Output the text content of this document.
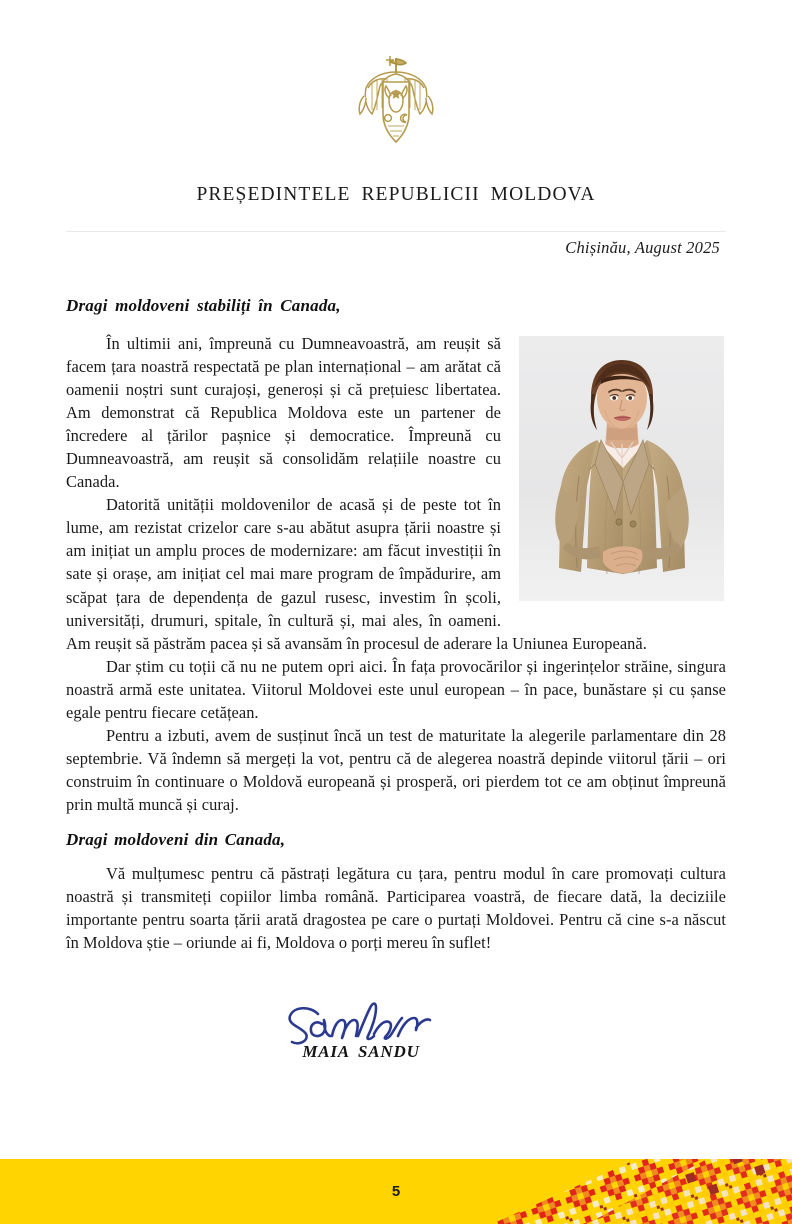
PREȘEDINTELE REPUBLICII MOLDOVA
Chișinău, August 2025
Dragi moldoveni stabiliți în Canada,

În ultimii ani, împreună cu Dumneavoastră, am reușit să facem țara noastră respectată pe plan internațional – am arătat că oamenii noștri sunt curajoși, generoși și că prețuiesc libertatea. Am demonstrat că Republica Moldova este un partener de încredere al țărilor pașnice și democratice. Împreună cu Dumneavoastră, am reușit să consolidăm relațiile noastre cu Canada.

Datorită unității moldovenilor de acasă și de peste tot în lume, am rezistat crizelor care s-au abătut asupra țării noastre și am inițiat un amplu proces de modernizare: am făcut investiții în sate și orașe, am inițiat cel mai mare program de împădurire, am scăpat țara de dependența de gazul rusesc, investim în școli, universități, drumuri, spitale, în cultură și, mai ales, în oameni. Am reușit să păstrăm pacea și să avansăm în procesul de aderare la Uniunea Europeană.

Dar știm cu toții că nu ne putem opri aici. În fața provocărilor și ingerințelor străine, singura noastră armă este unitatea. Viitorul Moldovei este unul european – în pace, bunăstare și cu șanse egale pentru fiecare cetățean.

Pentru a izbuti, avem de susținut încă un test de maturitate la alegerile parlamentare din 28 septembrie. Vă îndemn să mergeți la vot, pentru că de alegerea noastră depinde viitorul țării – ori construim în continuare o Moldovă europeană și prosperă, ori pierdem tot ce am obținut împreună prin multă muncă și curaj.

Dragi moldoveni din Canada,

Vă mulțumesc pentru că păstrați legătura cu țara, pentru modul în care promovați cultura noastră și transmiteți copiilor limba română. Participarea voastră, de fiecare dată, la deciziile importante pentru soarta țării arată dragostea pe care o purtați Moldovei. Pentru că cine s-a născut în Moldova știe – oriunde ai fi, Moldova o porți mereu în suflet!

MAIA SANDU
5
